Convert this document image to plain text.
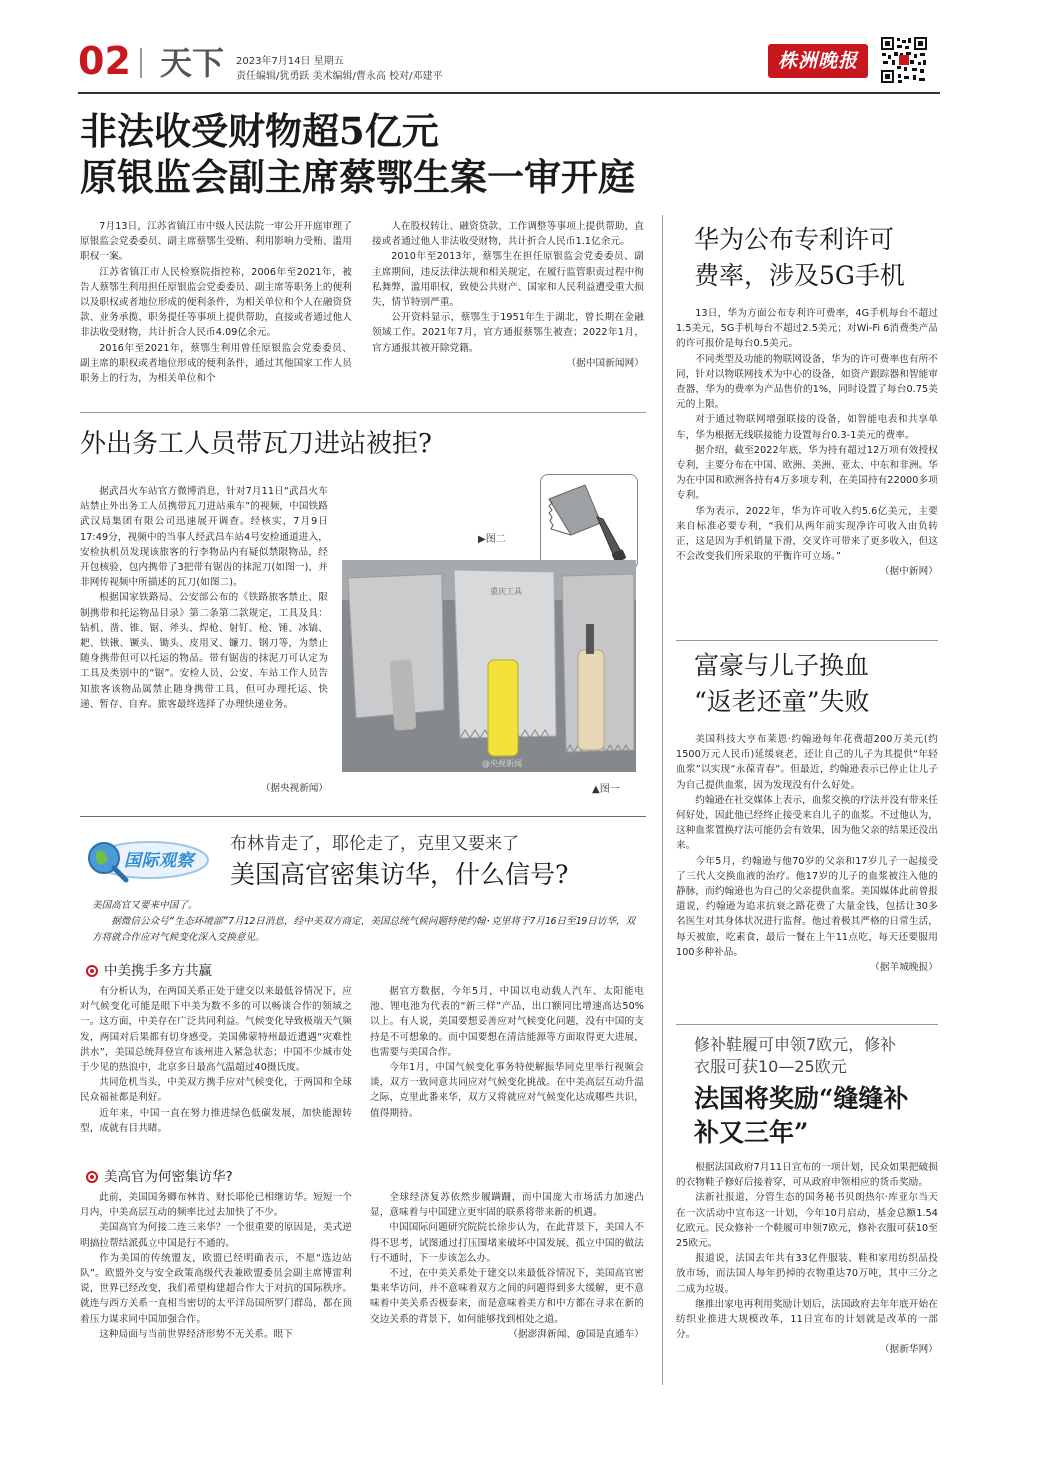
02 天下 2023年7月14日 星期五
责任编辑/犹勇跃 美术编辑/曹永高 校对/邓建平
株洲晚报
非法收受财物超5亿元
原银监会副主席蔡鄂生案一审开庭

7月13日，江苏省镇江市中级人民法院一审公开开庭审理了原银监会党委委员、副主席蔡鄂生受贿、利用影响力受贿、滥用职权一案。

江苏省镇江市人民检察院指控称，2006年至2021年，被告人蔡鄂生利用担任原银监会党委委员、副主席等职务上的便利以及职权或者地位形成的便利条件，为相关单位和个人在融资贷款、业务承揽、职务提任等事项上提供帮助，直接或者通过他人非法收受财物，共计折合人民币4.09亿余元。

2016年至2021年，蔡鄂生利用曾任原银监会党委委员、副主席的职权或者地位形成的便利条件，通过其他国家工作人员职务上的行为，为相关单位和个

人在股权转让、融资贷款、工作调整等事项上提供帮助，直接或者通过他人非法收受财物，共计折合人民币1.1亿余元。

2010年至2013年，蔡鄂生在担任原银监会党委委员、副主席期间，违反法律法规和相关规定，在履行监管职责过程中徇私舞弊，滥用职权，致使公共财产、国家和人民利益遭受重大损失，情节特别严重。

公开资料显示，蔡鄂生于1951年生于湖北，曾长期在金融领域工作。2021年7月，官方通报蔡鄂生被查；2022年1月，官方通报其被开除党籍。

（据中国新闻网）
外出务工人员带瓦刀进站被拒?

据武昌火车站官方微博消息，针对7月11日“武昌火车站禁止外出务工人员携带瓦刀进站乘车”的视频，中国铁路武汉局集团有限公司迅速展开调查。经核实，7月9日17:49分，视频中的当事人经武昌车站4号安检通道进入，安检执机员发现该旅客的行李物品内有疑似禁限物品，经开包核验，包内携带了3把带有锯齿的抹泥刀(如图一)，并非网传视频中所描述的瓦刀(如图二)。

根据国家铁路局、公安部公布的《铁路旅客禁止、限制携带和托运物品目录》第二条第二款规定，工具及具：钻机、凿、锥、锯、斧头、焊枪、射钉、枪、锤、冰镐、耙、铁锹、镢头、锄头、皮用叉、镰刀、钢刀等，为禁止随身携带但可以托运的物品。带有锯齿的抹泥刀可认定为工具及类别中的“锯”。安检人员、公安、车站工作人员告知旅客该物品属禁止随身携带工具，但可办理托运、快递、暂存、自弃。旅客最终选择了办理快递业务。

（据央视新闻）
▶图二
重庆工具
@央视新闻
▲图一
国际观察
布林肯走了，耶伦走了，克里又要来了
美国高官密集访华，什么信号?
美国高官又要来中国了。
据微信公众号“生态环境部”7月12日消息，经中美双方商定，美国总统气候问题特使约翰·克里将于7月16日至19日访华，双方将就合作应对气候变化深入交换意见。
中美携手多方共赢

有分析认为，在两国关系正处于建交以来最低谷情况下，应对气候变化可能是眼下中美为数不多的可以畅谈合作的领域之一。这方面，中美存在广泛共同利益。气候变化导致极端天气频发，两国对后果都有切身感受。美国佛蒙特州最近遭遇“灾难性洪水”，美国总统拜登宣布该州进入紧急状态；中国不少城市处于少见的热浪中，北京多日最高气温超过40摄氏度。

共同危机当头，中美双方携手应对气候变化，于两国和全球民众福祉都是利好。

近年来，中国一直在努力推进绿色低碳发展，加快能源转型，成就有目共睹。

据官方数据，今年5月，中国以电动载人汽车、太阳能电池、锂电池为代表的“新三样”产品，出口额同比增速高达50%以上。有人说，美国要想妥善应对气候变化问题，没有中国的支持是不可想象的。而中国要想在清洁能源等方面取得更大进展，也需要与美国合作。

今年1月，中国气候变化事务特使解振华同克里举行视频会谈，双方一致同意共同应对气候变化挑战。在中美高层互动升温之际，克里此番来华，双方又将就应对气候变化达成哪些共识，值得期待。

美高官为何密集访华?

此前，美国国务卿布林肯、财长耶伦已相继访华。短短一个月内，中美高层互动的频率比过去加快了不少。

美国高官为何接二连三来华？一个很重要的原因是，美式逆明搞拉帮结派孤立中国是行不通的。

作为美国的传统盟友，欧盟已经明确表示，不愿“选边站队”。欧盟外交与安全政策高级代表兼欧盟委员会副主席博雷利说，世界已经改变，我们希望构建超合作大于对抗的国际秩序。就连与西方关系一直相当密切的太平洋岛国所罗门群岛，都在顶着压力谋求同中国加强合作。

这种局面与当前世界经济形势不无关系。眼下

全球经济复苏依然步履蹒跚，而中国庞大市场活力加速凸显，意味着与中国建立更牢固的联系将带来新的机遇。

中国国际问题研究院院长徐步认为，在此背景下，美国人不得不思考，试图通过打压围堵来破坏中国发展、孤立中国的做法行不通时，下一步该怎么办。

不过，在中美关系处于建交以来最低谷情况下，美国高官密集来华访问，并不意味着双方之间的问题得到多大缓解，更不意味着中美关系否极泰来，而是意味着美方和中方都在寻求在新的交边关系的背景下，如何能够找到相处之道。

（据澎湃新闻、@国是直通车）
华为公布专利许可
费率，涉及5G手机

13日，华为方面公布专利许可费率，4G手机每台不超过1.5美元，5G手机每台不超过2.5美元；对Wi-Fi 6消费类产品的许可报价是每台0.5美元。

不同类型及功能的物联网设备，华为的许可费率也有所不同，针对以物联网技术为中心的设备，如资产跟踪器和智能审查器，华为的费率为产品售价的1%，同时设置了每台0.75美元的上限。

对于通过物联网增强联接的设备，如智能电表和共享单车，华为根据无线联接能力设置每台0.3-1美元的费率。

据介绍，截至2022年底，华为持有超过12万项有效授权专利，主要分布在中国、欧洲、美洲、亚太、中东和非洲。华为在中国和欧洲各持有4万多项专利，在美国持有22000多项专利。

华为表示，2022年，华为许可收入约5.6亿美元，主要来自标准必要专利，“我们从两年前实现净许可收入由负转正，这是因为手机销量下滑，交叉许可带来了更多收入，但这不会改变我们所采取的平衡许可立场。”

（据中新网）
富豪与儿子换血
“返老还童”失败

美国科技大亨布莱恩·约翰逊每年花费超200万美元(约1500万元人民币)延缓衰老，还让自己的儿子为其提供“年轻血浆”以实现“永葆青春”。但最近，约翰逊表示已停止让儿子为自己提供血浆，因为发现没有什么好处。

约翰逊在社交媒体上表示，血浆交换的疗法并没有带来任何好处，因此他已经终止接受来自儿子的血浆。不过他认为，这种血浆置换疗法可能仍会有效果，因为他父亲的结果还没出来。

今年5月，约翰逊与他70岁的父亲和17岁儿子一起接受了三代人交换血液的治疗。他17岁的儿子的血浆被注入他的静脉，而约翰逊也为自己的父亲提供血浆。美国媒体此前曾报道说，约翰逊为追求抗衰之路花费了大量金钱，包括让30多名医生对其身体状况进行监督。他过着极其严格的日常生活，每天被旅，吃素食，最后一餐在上午11点吃，每天还要服用100多种补品。

（据羊城晚报）
修补鞋履可申领7欧元，修补
衣服可获10—25欧元
法国将奖励“缝缝补
补又三年”

根据法国政府7月11日宣布的一项计划，民众如果把破损的衣物鞋子修好后接着穿，可从政府申领相应的货币奖励。

法新社报道，分管生态的国务秘书贝朗热尔·库亚尔当天在一次活动中宣布这一计划，今年10月启动，基金总额1.54亿欧元。民众修补一个鞋履可申领7欧元，修补衣服可获10至25欧元。

报道说，法国去年共有33亿件服装、鞋和家用纺织品投放市场，而法国人每年扔掉的衣物重达70万吨，其中三分之二成为垃圾。

继推出家电再利用奖励计划后，法国政府去年年底开始在纺织业推进大规模改革，11日宣布的计划就是改革的一部分。

（据新华网）
